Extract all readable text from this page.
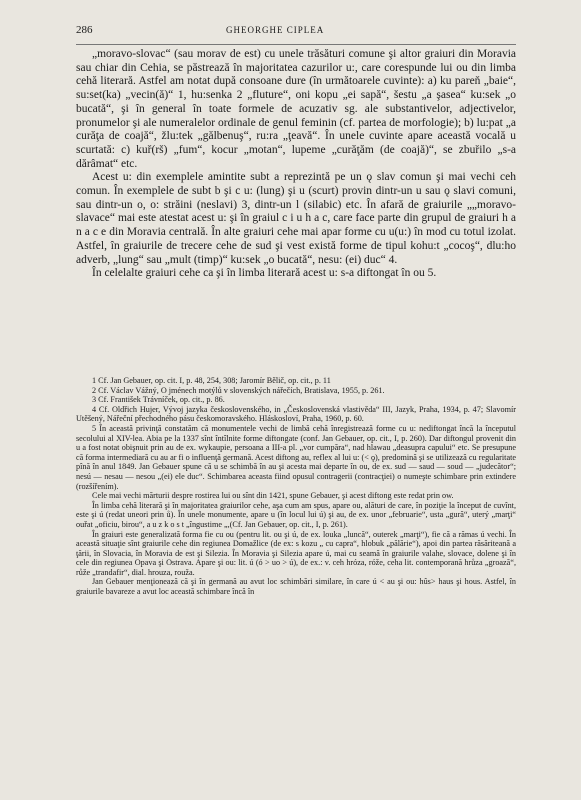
286	GHEORGHE CIPLEA

„moravo-slovac“ (sau morav de est) cu unele trăsături comune şi altor graiuri din Moravia sau chiar din Cehia, se păstrează în majoritatea cazurilor u:, care corespunde lui ou din limba cehă literară. Astfel am notat după consoane dure (în următoarele cuvinte): a) ku pareň „baie“, su:set(ka) „vecin(ă)“ 1, hu:senka 2 „fluture“, oni kopu „ei sapă“, šestu „a şasea“ ku:sek „o bucată“, şi în general în toate formele de acuzativ sg. ale substantivelor, adjectivelor, pronumelor şi ale numeralelor ordinale de genul feminin (cf. partea de morfologie); b) lu:pat „a curăţa de coajă“, žlu:tek „gălbenuş“, ru:ra „ţeavă“. În unele cuvinte apare această vocală u scurtată: c) kuř(rš) „fum“, kocur „motan“, lupeme „curăţăm (de coajă)“, se zbuřilo „s-a dărâmat“ etc.

Acest u: din exemplele amintite subt a reprezintă pe un ǫ slav comun şi mai vechi ceh comun. În exemplele de subt b şi c u: (lung) şi u (scurt) provin dintr-un u sau ǫ slavi comuni, sau dintr-un o, o: străini (neslavi) 3, dintr-un l (silabic) etc. În afară de graiurile „„moravo-slavace“ mai este atestat acest u: şi în graiul c i u h a c, care face parte din grupul de graiuri h a n a c e din Moravia centrală. În alte graiuri cehe mai apar forme cu u(u:) în mod cu totul izolat. Astfel, în graiurile de trecere cehe de sud şi vest există forme de tipul kohu:t „cocoş“, dlu:ho adverb, „lung“ sau „mult (timp)“ ku:sek „o bucată“, nesu: (ei) duc“ 4.

În celelalte graiuri cehe ca şi în limba literară acest u: s-a diftongat în ou 5.

1 Cf. Jan Gebauer, op. cit. I, p. 48, 254, 308; Jaromír Bělič, op. cit., p. 11

2 Cf. Václav Vážný, O jménech motýlů v slovenských nářečích, Bratislava, 1955, p. 261.

3 Cf. František Trávníček, op. cit., p. 86.

4 Cf. Oldřich Hujer, Vývoj jazyka československého, in „Československá vlastivěda“ III, Jazyk, Praha, 1934, p. 47; Slavomír Utěšený, Nářeční přechodného pásu českomoravského. Hláskosloví, Praha, 1960, p. 60.

5 În această privinţă constatăm că monumentele vechi de limbă cehă înregistrează forme cu u: nediftongat încă la începutul secolului al XIV-lea. Abia pe la 1337 sînt întîlnite forme diftongate (conf. Jan Gebauer, op. cit., I, p. 260). Dar diftongul provenit din u a fost notat obişnuit prin au de ex. wykaupie, persoana a III-a pl. „vor cumpăra“, nad hlawau „deasupra capului“ etc. Se presupune că forma intermediară cu au ar fi o influenţă germană. Acest diftong au, reflex al lui u: (< ǫ), predomină şi se utilizează cu regularitate pînă în anul 1849. Jan Gebauer spune că u se schimbă în au şi acesta mai departe în ou, de ex. sud — saud — soud — „judecător“; nesú — nesau — nesou „(ei) ele duc“. Schimbarea aceasta fiind opusul contragerii (contracţiei) o numeşte schimbare prin extindere (rozšířením).

Cele mai vechi mărturii despre rostirea lui ou sînt din 1421, spune Gebauer, şi acest diftong este redat prin ow.

În limba cehă literară şi în majoritatea graiurilor cehe, aşa cum am spus, apare ou, alături de care, în poziţie la început de cuvînt, este şi ú (redat uneori prin ů). În unele monumente, apare u (în locul lui ú) şi au, de ex. unor „februarie“, usta „gură“, uterý „marţi“ ouřat „oficiu, birou“, a u z k o s t „îngustime „,(Cf. Jan Gebauer, op. cit., I, p. 261).

În graiuri este generalizată forma fie cu ou (pentru lit. ou şi ú, de ex. louka „luncă“, outerek „marţi“), fie că a rămas ú vechi. În această situaţie sînt graiurile cehe din regiunea Domažlice (de ex: s kozu „ cu capra“, hlobuk „pălărie“), apoi din partea răsăriteană a ţării, în Slovacia, în Moravia de est şi Silezia. În Moravia şi Silezia apare ú, mai cu seamă în graiurile valahe, slovace, dolene şi în cele din regiunea Opava şi Ostrava. Apare şi ou: lit. ú (ó > uo > ú), de ex.: v. ceh hróza, róže, ceha lit. contemporană hrůza „groază“, růže „trandafir“, dial. hrouza, rouža.

Jan Gebauer menţionează că şi în germană au avut loc schimbări similare, în care ú < au şi ou: hûs> haus şi hous. Astfel, în graiurile bavareze a avut loc această schimbare încă în
